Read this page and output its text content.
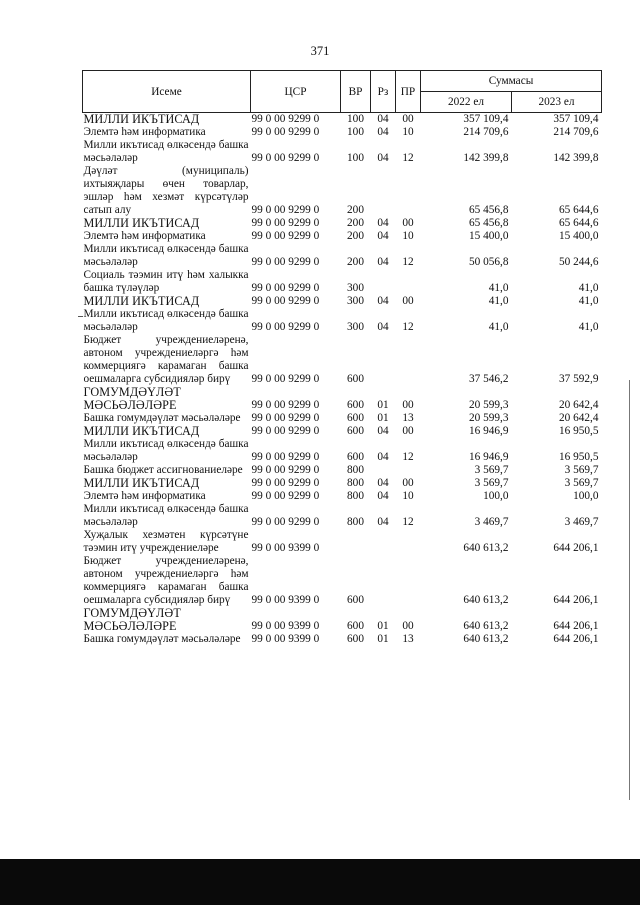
371
Исеме	ЦСР	ВР	Рз	ПР	Суммасы	
					2022 ел	2023 ел
МИЛЛИ ИКЪТИСАД	99 0 00 9299 0	100	04	00	357 109,4	357 109,4
Элемтә һәм информатика	99 0 00 9299 0	100	04	10	214 709,6	214 709,6
Милли икътисад өлкәсендә башка мәсьәләләр	99 0 00 9299 0	100	04	12	142 399,8	142 399,8
Дәүләт (муниципаль) ихтыяҗлары өчен товарлар, эшләр һәм хезмәт күрсәтүләр сатып алу	99 0 00 9299 0	200			65 456,8	65 644,6
МИЛЛИ ИКЪТИСАД	99 0 00 9299 0	200	04	00	65 456,8	65 644,6
Элемтә һәм информатика	99 0 00 9299 0	200	04	10	15 400,0	15 400,0
Милли икътисад өлкәсендә башка мәсьәләләр	99 0 00 9299 0	200	04	12	50 056,8	50 244,6
Социаль тәэмин итү һәм халыкка башка түләүләр	99 0 00 9299 0	300			41,0	41,0
МИЛЛИ ИКЪТИСАД	99 0 00 9299 0	300	04	00	41,0	41,0
Милли икътисад өлкәсендә башка мәсьәләләр	99 0 00 9299 0	300	04	12	41,0	41,0
Бюджет учреждениеләренә, автоном учреждениеләргә һәм коммерциягә карамаган башка оешмаларга субсидияләр бирү	99 0 00 9299 0	600			37 546,2	37 592,9
ГОМУМДӘҮЛӘТ МӘСЬӘЛӘЛӘРЕ	99 0 00 9299 0	600	01	00	20 599,3	20 642,4
Башка гомумдәүләт мәсьәләләре	99 0 00 9299 0	600	01	13	20 599,3	20 642,4
МИЛЛИ ИКЪТИСАД	99 0 00 9299 0	600	04	00	16 946,9	16 950,5
Милли икътисад өлкәсендә башка мәсьәләләр	99 0 00 9299 0	600	04	12	16 946,9	16 950,5
Башка бюджет ассигнованиеләре	99 0 00 9299 0	800			3 569,7	3 569,7
МИЛЛИ ИКЪТИСАД	99 0 00 9299 0	800	04	00	3 569,7	3 569,7
Элемтә һәм информатика	99 0 00 9299 0	800	04	10	100,0	100,0
Милли икътисад өлкәсендә башка мәсьәләләр	99 0 00 9299 0	800	04	12	3 469,7	3 469,7
Хуҗалык хезмәтен күрсәтүне тәэмин итү учреждениеләре	99 0 00 9399 0				640 613,2	644 206,1
Бюджет учреждениеләренә, автоном учреждениеләргә һәм коммерциягә карамаган башка оешмаларга субсидияләр бирү	99 0 00 9399 0	600			640 613,2	644 206,1
ГОМУМДӘҮЛӘТ МӘСЬӘЛӘЛӘРЕ	99 0 00 9399 0	600	01	00	640 613,2	644 206,1
Башка гомумдәүләт мәсьәләләре	99 0 00 9399 0	600	01	13	640 613,2	644 206,1
